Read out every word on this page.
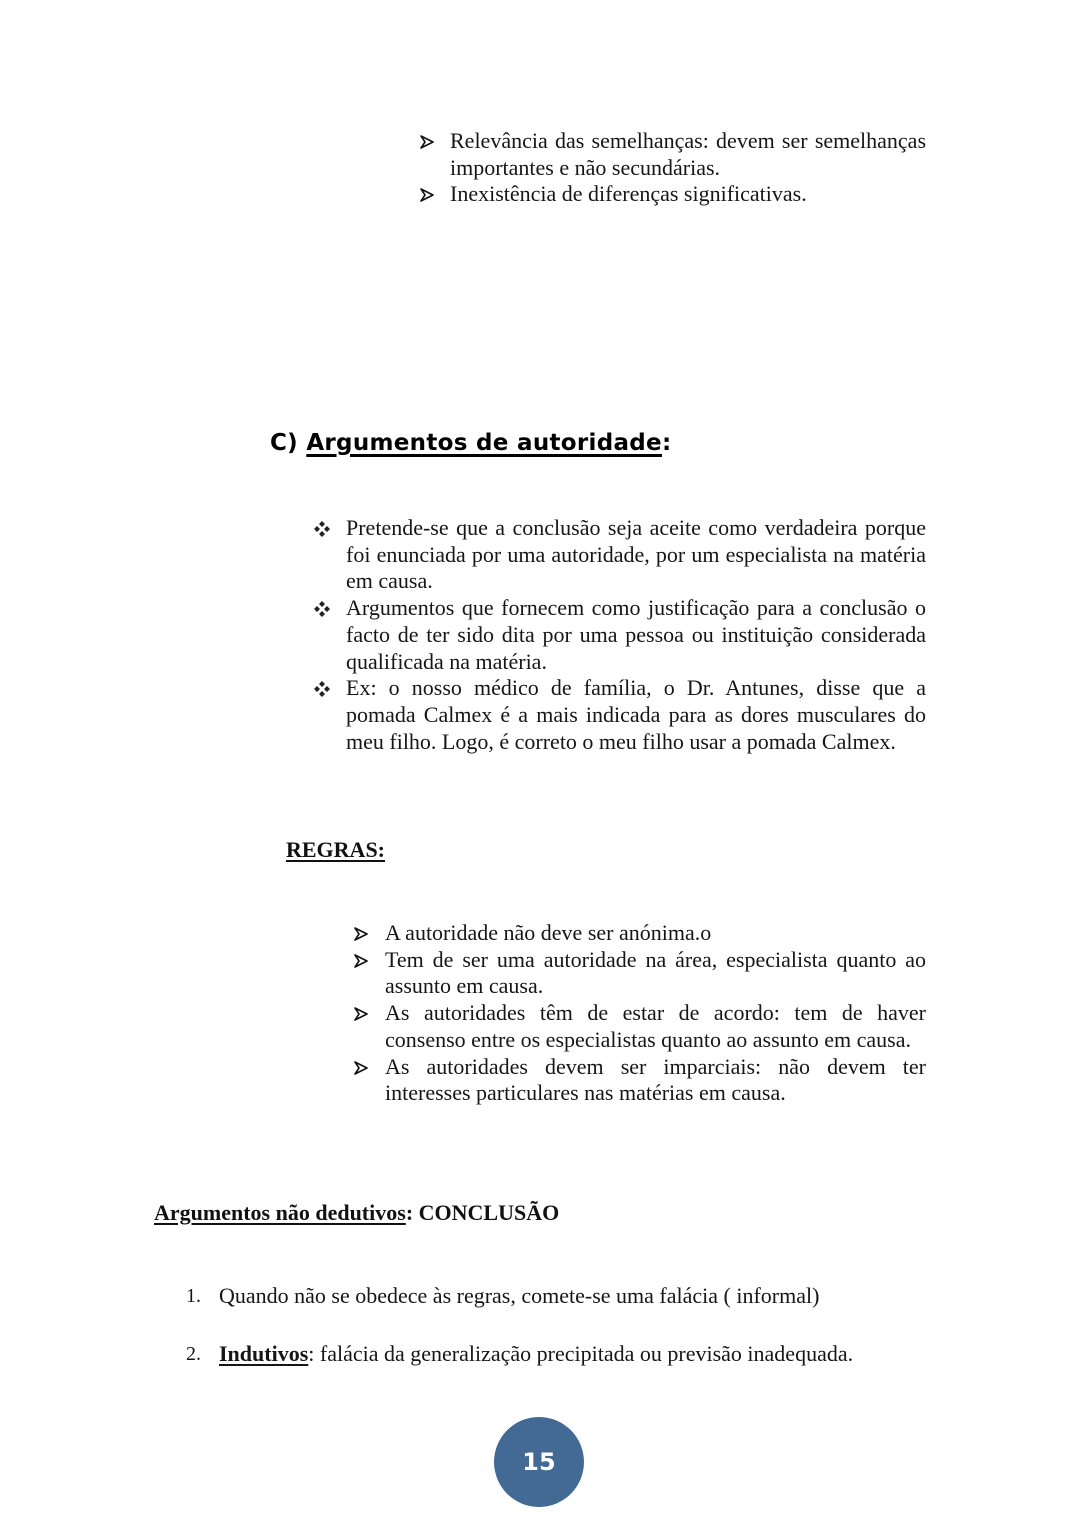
Relevância das semelhanças: devem ser semelhanças importantes e não secundárias.
Inexistência de diferenças significativas.
C) Argumentos de autoridade:
Pretende-se que a conclusão seja aceite como verdadeira porque foi enunciada por uma autoridade, por um especialista na matéria em causa.
Argumentos que fornecem como justificação para a conclusão o facto de ter sido dita por uma pessoa ou instituição considerada qualificada na matéria.
Ex: o nosso médico de família, o Dr. Antunes, disse que a pomada Calmex é a mais indicada para as dores musculares do meu filho. Logo, é correto o meu filho usar a pomada Calmex.
REGRAS:
A autoridade não deve ser anónima.o
Tem de ser uma autoridade na área, especialista quanto ao assunto em causa.
As autoridades têm de estar de acordo: tem de haver consenso entre os especialistas quanto ao assunto em causa.
As autoridades devem ser imparciais: não devem ter interesses particulares nas matérias em causa.
Argumentos não dedutivos: CONCLUSÃO
1. Quando não se obedece às regras, comete-se uma falácia ( informal)
2. Indutivos: falácia da generalização precipitada ou previsão inadequada.
15
